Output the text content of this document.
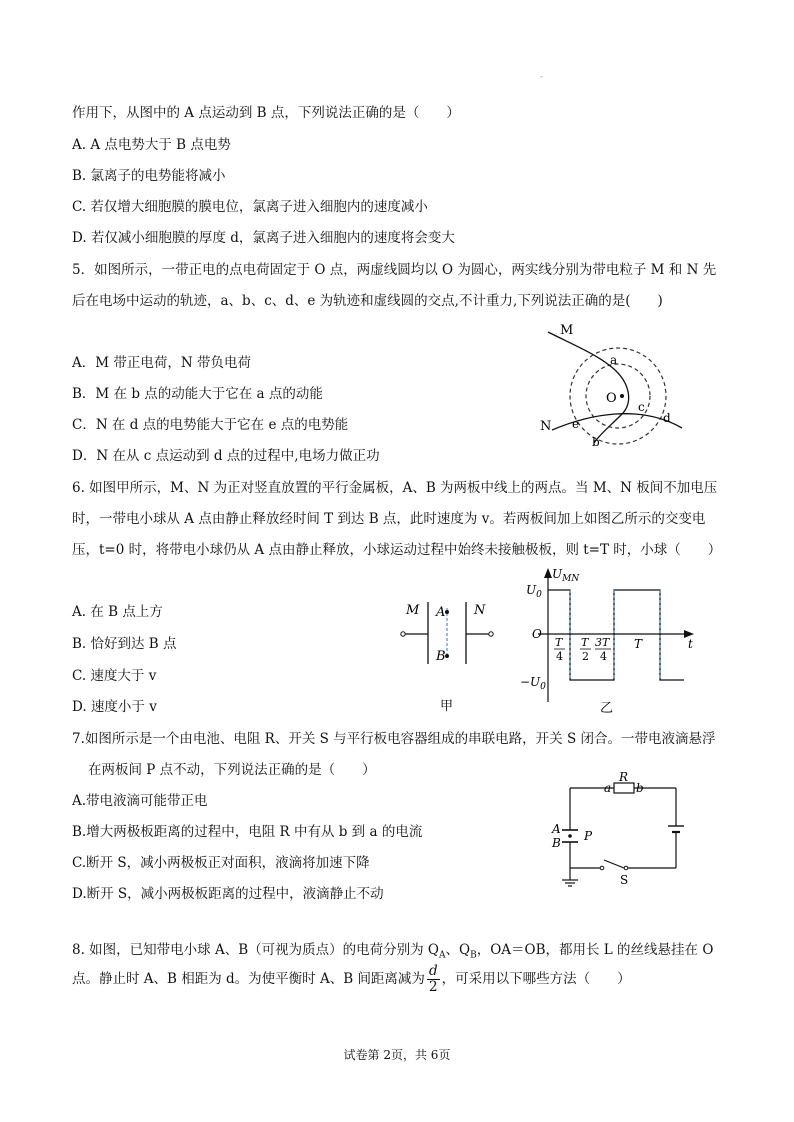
-
作用下，从图中的 A 点运动到 B 点，下列说法正确的是（　　）
A. A 点电势大于 B 点电势
B. 氯离子的电势能将减小
C. 若仅增大细胞膜的膜电位，氯离子进入细胞内的速度减小
D. 若仅减小细胞膜的厚度 d，氯离子进入细胞内的速度将会变大
5．如图所示，一带正电的点电荷固定于 O 点，两虚线圆均以 O 为圆心，两实线分别为带电粒子 M 和 N 先
后在电场中运动的轨迹，a、b、c、d、e 为轨迹和虚线圆的交点,不计重力,下列说法正确的是(　　)
A．M 带正电荷，N 带负电荷
B．M 在 b 点的动能大于它在 a 点的动能
C．N 在 d 点的电势能大于它在 e 点的电势能
D．N 在从 c 点运动到 d 点的过程中,电场力做正功
M
N
O
a
b
c
d
e
6. 如图甲所示，M、N 为正对竖直放置的平行金属板，A、B 为两板中线上的两点。当 M、N 板间不加电压
时，一带电小球从 A 点由静止释放经时间 T 到达 B 点，此时速度为 v。若两板间加上如图乙所示的交变电
压，t=0 时，将带电小球仍从 A 点由静止释放，小球运动过程中始终未接触极板，则 t=T 时，小球（　　）
A. 在 B 点上方
B. 恰好到达 B 点
C. 速度大于 v
D. 速度小于 v
M	N
A
B
甲
$U_{MN}$
$U_0$
$-U_0$
O
t
T
4
T
2
3T
4
T
乙
7.如图所示是一个由电池、电阻 R、开关 S 与平行板电容器组成的串联电路，开关 S 闭合。一带电液滴悬浮
在两板间 P 点不动，下列说法正确的是（　　）
A.带电液滴可能带正电
B.增大两极板距离的过程中，电阻 R 中有从 b 到 a 的电流
C.断开 S，减小两极板正对面积，液滴将加速下降
D.断开 S，减小两极板距离的过程中，液滴静止不动
a
R
b
A P
B
S
8. 如图，已知带电小球 A、B（可视为质点）的电荷分别为 $Q_A$、$Q_B$，OA＝OB，都用长 L 的丝线悬挂在 O
点。静止时 A、B 相距为 d。为使平衡时 A、B 间距离减为 $\frac{d}{2}$ ，可采用以下哪些方法（　　）
试卷第 2页，共 6页
